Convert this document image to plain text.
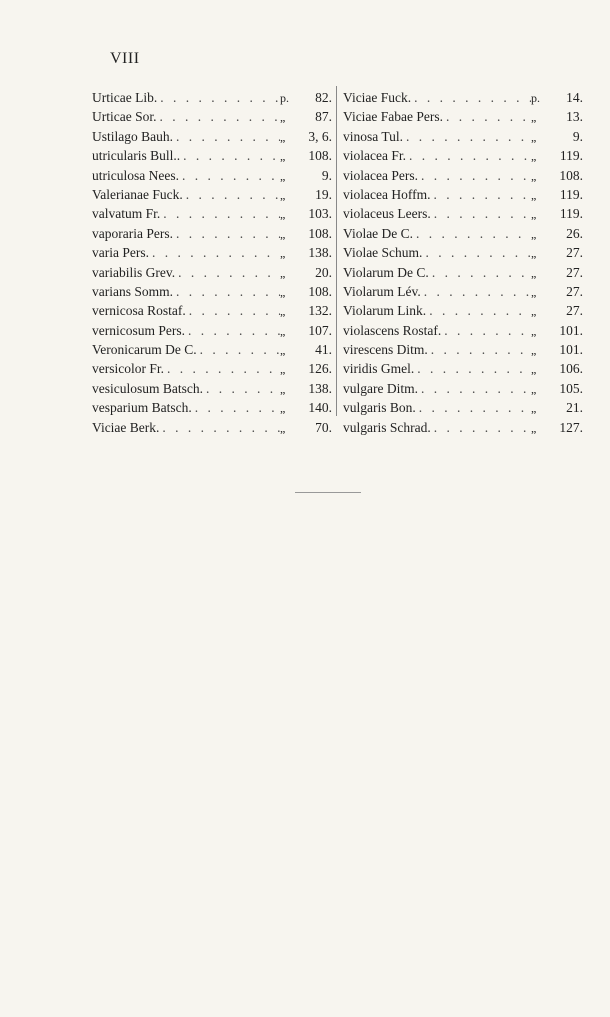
VIII
Urticae Lib. . . .	p.	82.
Urticae Sor. . . .	„	87.
Ustilago Bauh. . . .	„	3, 6.
utricularis Bull.. . . .	„	108.
utriculosa Nees. . . .	„	9.
Valerianae Fuck. . . .	„	19.
valvatum Fr. . . .	„	103.
vaporaria Pers. . . .	„	108.
varia Pers. . . .	„	138.
variabilis Grev. . . .	„	20.
varians Somm. . . .	„	108.
vernicosa Rostaf. . . .	„	132.
vernicosum Pers. . . .	„	107.
Veronicarum De C. . . .	„	41.
versicolor Fr. . . .	„	126.
vesiculosum Batsch. . . .	„	138.
vesparium Batsch. . . .	„	140.
Viciae Berk. . . .	„	70.
Viciae Fuck. . . .	p.	14.
Viciae Fabae Pers. . . .	„	13.
vinosa Tul. . . .	„	9.
violacea Fr. . . .	„	119.
violacea Pers. . . .	„	108.
violacea Hoffm. . . .	„	119.
violaceus Leers. . . .	„	119.
Violae De C. . . .	„	26.
Violae Schum. . . .	„	27.
Violarum De C. . . .	„	27.
Violarum Lév. . . .	„	27.
Violarum Link. . . .	„	27.
violascens Rostaf. . . .	„	101.
virescens Ditm. . . .	„	101.
viridis Gmel. . . .	„	106.
vulgare Ditm. . . .	„	105.
vulgaris Bon. . . .	„	21.
vulgaris Schrad. . . .	„	127.
